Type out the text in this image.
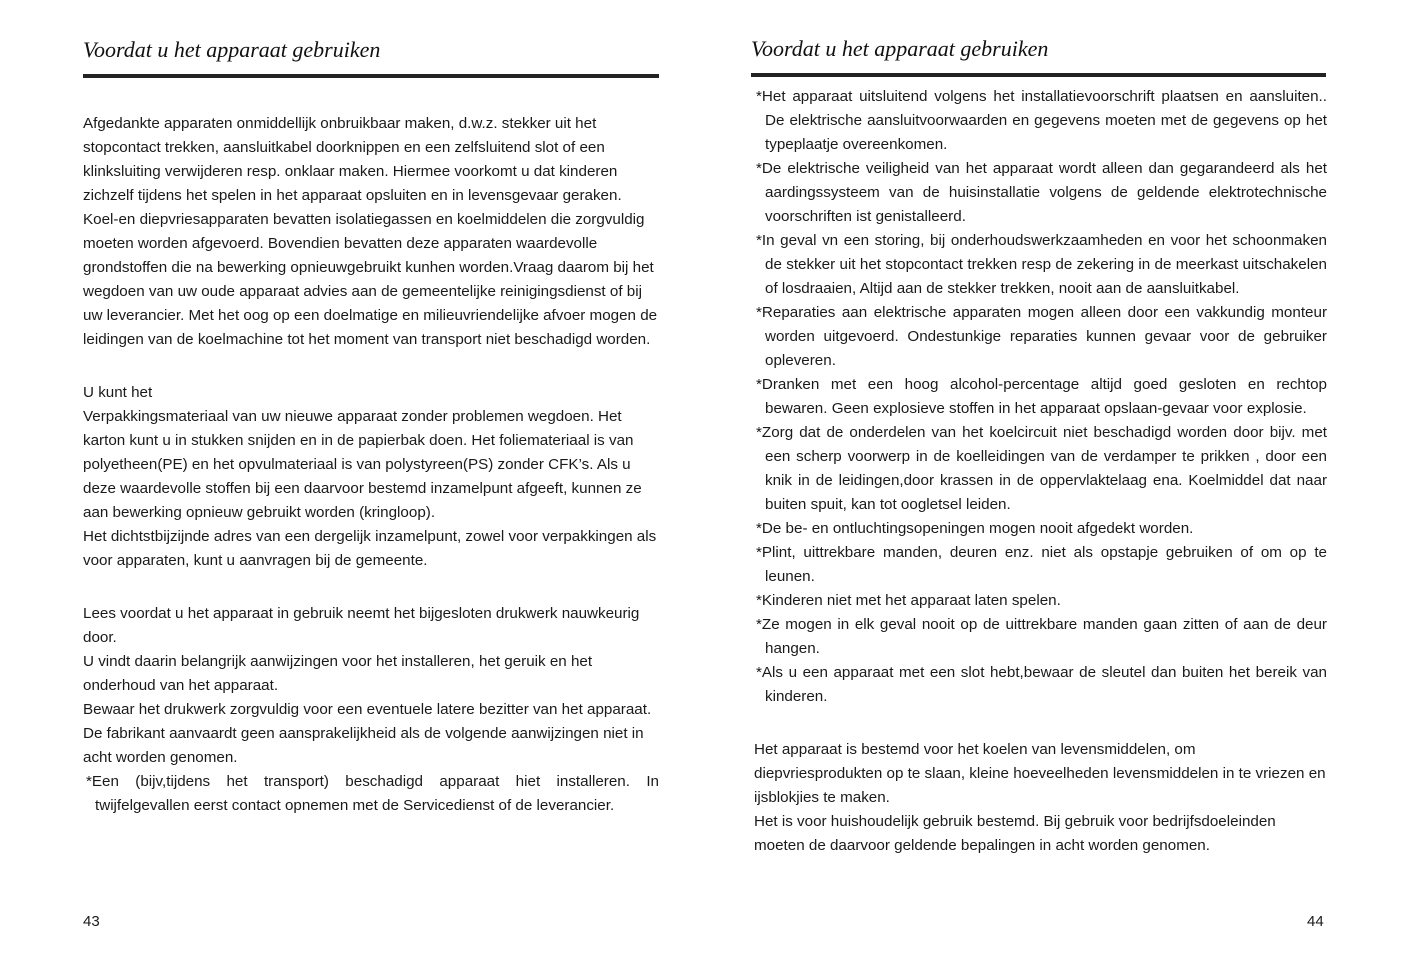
Voordat u het apparaat gebruiken

Afgedankte apparaten onmiddellijk onbruikbaar maken, d.w.z. stekker uit het stopcontact trekken, aansluitkabel doorknippen en een zelfsluitend slot of een klinksluiting verwijderen resp. onklaar maken. Hiermee voorkomt u dat kinderen zichzelf tijdens het spelen in het apparaat opsluiten en in levensgevaar geraken.

Koel-en diepvriesapparaten bevatten isolatiegassen en koelmiddelen die zorgvuldig moeten worden afgevoerd. Bovendien bevatten deze apparaten waardevolle grondstoffen die na bewerking opnieuwgebruikt kunhen worden.Vraag daarom bij het wegdoen van uw oude apparaat advies aan de gemeentelijke reinigingsdienst of bij uw leverancier. Met het oog op een doelmatige en milieuvriendelijke afvoer mogen de leidingen van de koelmachine tot het moment van transport niet beschadigd worden.

U kunt het

Verpakkingsmateriaal van uw nieuwe apparaat zonder problemen wegdoen. Het karton kunt u in stukken snijden en in de papierbak doen. Het foliemateriaal is van polyetheen(PE) en het opvulmateriaal is van polystyreen(PS) zonder CFK’s. Als u deze waardevolle stoffen bij een daarvoor bestemd inzamelpunt afgeeft, kunnen ze aan bewerking opnieuw gebruikt worden (kringloop).

Het dichtstbijzijnde adres van een dergelijk inzamelpunt, zowel voor verpakkingen als voor apparaten, kunt u aanvragen bij de gemeente.

Lees voordat u het apparaat in gebruik neemt het bijgesloten drukwerk nauwkeurig door.

U vindt daarin belangrijk aanwijzingen voor het installeren, het geruik en het onderhoud van het apparaat.

Bewaar het drukwerk zorgvuldig voor een eventuele latere bezitter van het apparaat.

De fabrikant aanvaardt geen aansprakelijkheid als de volgende aanwijzingen niet in acht worden genomen.

*Een (bijv,tijdens het transport) beschadigd apparaat hiet installeren. In twijfelgevallen eerst contact opnemen met de Servicedienst of de leverancier.

43
Voordat u het apparaat gebruiken

*Het apparaat uitsluitend volgens het installatievoorschrift plaatsen en aansluiten.. De elektrische aansluitvoorwaarden en gegevens moeten met de gegevens op het typeplaatje overeenkomen.

*De elektrische veiligheid van het apparaat wordt alleen dan gegarandeerd als het aardingssysteem van de huisinstallatie volgens de geldende elektrotechnische voorschriften ist genistalleerd.

*In geval vn een storing, bij onderhoudswerkzaamheden en voor het schoonmaken de stekker uit het stopcontact trekken resp de zekering in de meerkast uitschakelen of losdraaien, Altijd aan de stekker trekken, nooit aan de aansluitkabel.

*Reparaties aan elektrische apparaten mogen alleen door een vakkundig monteur worden uitgevoerd. Ondestunkige reparaties kunnen gevaar voor de gebruiker opleveren.

*Dranken met een hoog alcohol-percentage altijd goed gesloten en rechtop bewaren. Geen explosieve stoffen in het apparaat opslaan-gevaar voor explosie.

*Zorg dat de onderdelen van het koelcircuit niet beschadigd worden door bijv. met een scherp voorwerp in de koelleidingen van de verdamper te prikken , door een knik in de leidingen,door krassen in de oppervlaktelaag ena. Koelmiddel dat naar buiten spuit, kan tot oogletsel leiden.

*De be- en ontluchtingsopeningen mogen nooit afgedekt worden.

*Plint, uittrekbare manden, deuren enz. niet als opstapje gebruiken of om op te leunen.

*Kinderen niet met het apparaat laten spelen.

*Ze mogen in elk geval nooit op de uittrekbare manden gaan zitten of aan de deur hangen.

*Als u een apparaat met een slot hebt,bewaar de sleutel dan buiten het bereik van kinderen.

Het apparaat is bestemd voor het koelen van levensmiddelen, om diepvriesprodukten op te slaan, kleine hoeveelheden levensmiddelen in te vriezen en ijsblokjies te maken.

Het is voor huishoudelijk gebruik bestemd. Bij gebruik voor bedrijfsdoeleinden moeten de daarvoor geldende bepalingen in acht worden genomen.

44
